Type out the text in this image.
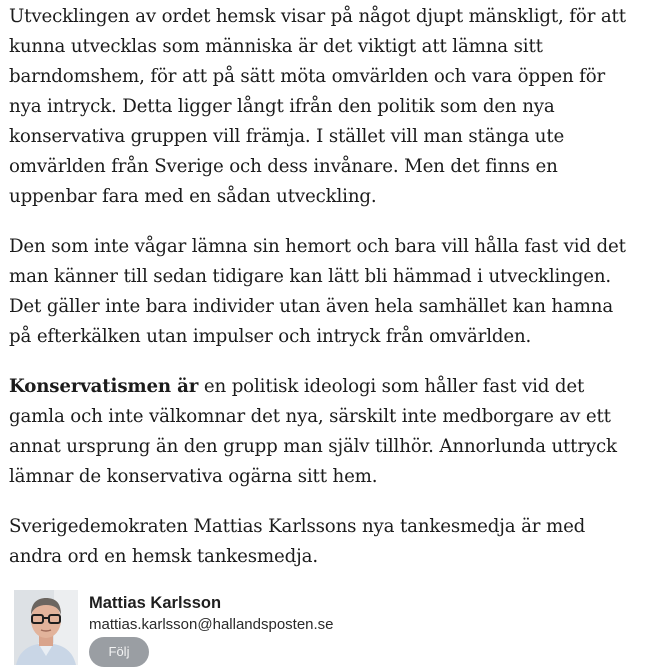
Utvecklingen av ordet hemsk visar på något djupt mänskligt, för att kunna utvecklas som människa är det viktigt att lämna sitt barndomshem, för att på sätt möta omvärlden och vara öppen för nya intryck. Detta ligger långt ifrån den politik som den nya konservativa gruppen vill främja. I stället vill man stänga ute omvärlden från Sverige och dess invånare. Men det finns en uppenbar fara med en sådan utveckling.

Den som inte vågar lämna sin hemort och bara vill hålla fast vid det man känner till sedan tidigare kan lätt bli hämmad i utvecklingen. Det gäller inte bara individer utan även hela samhället kan hamna på efterkälken utan impulser och intryck från omvärlden.

Konservatismen är en politisk ideologi som håller fast vid det gamla och inte välkomnar det nya, särskilt inte medborgare av ett annat ursprung än den grupp man själv tillhör. Annorlunda uttryck lämnar de konservativa ogärna sitt hem.

Sverigedemokraten Mattias Karlssons nya tankesmedja är med andra ord en hemsk tankesmedja.

Mattias Karlsson
mattias.karlsson@hallandsposten.se
Följ
